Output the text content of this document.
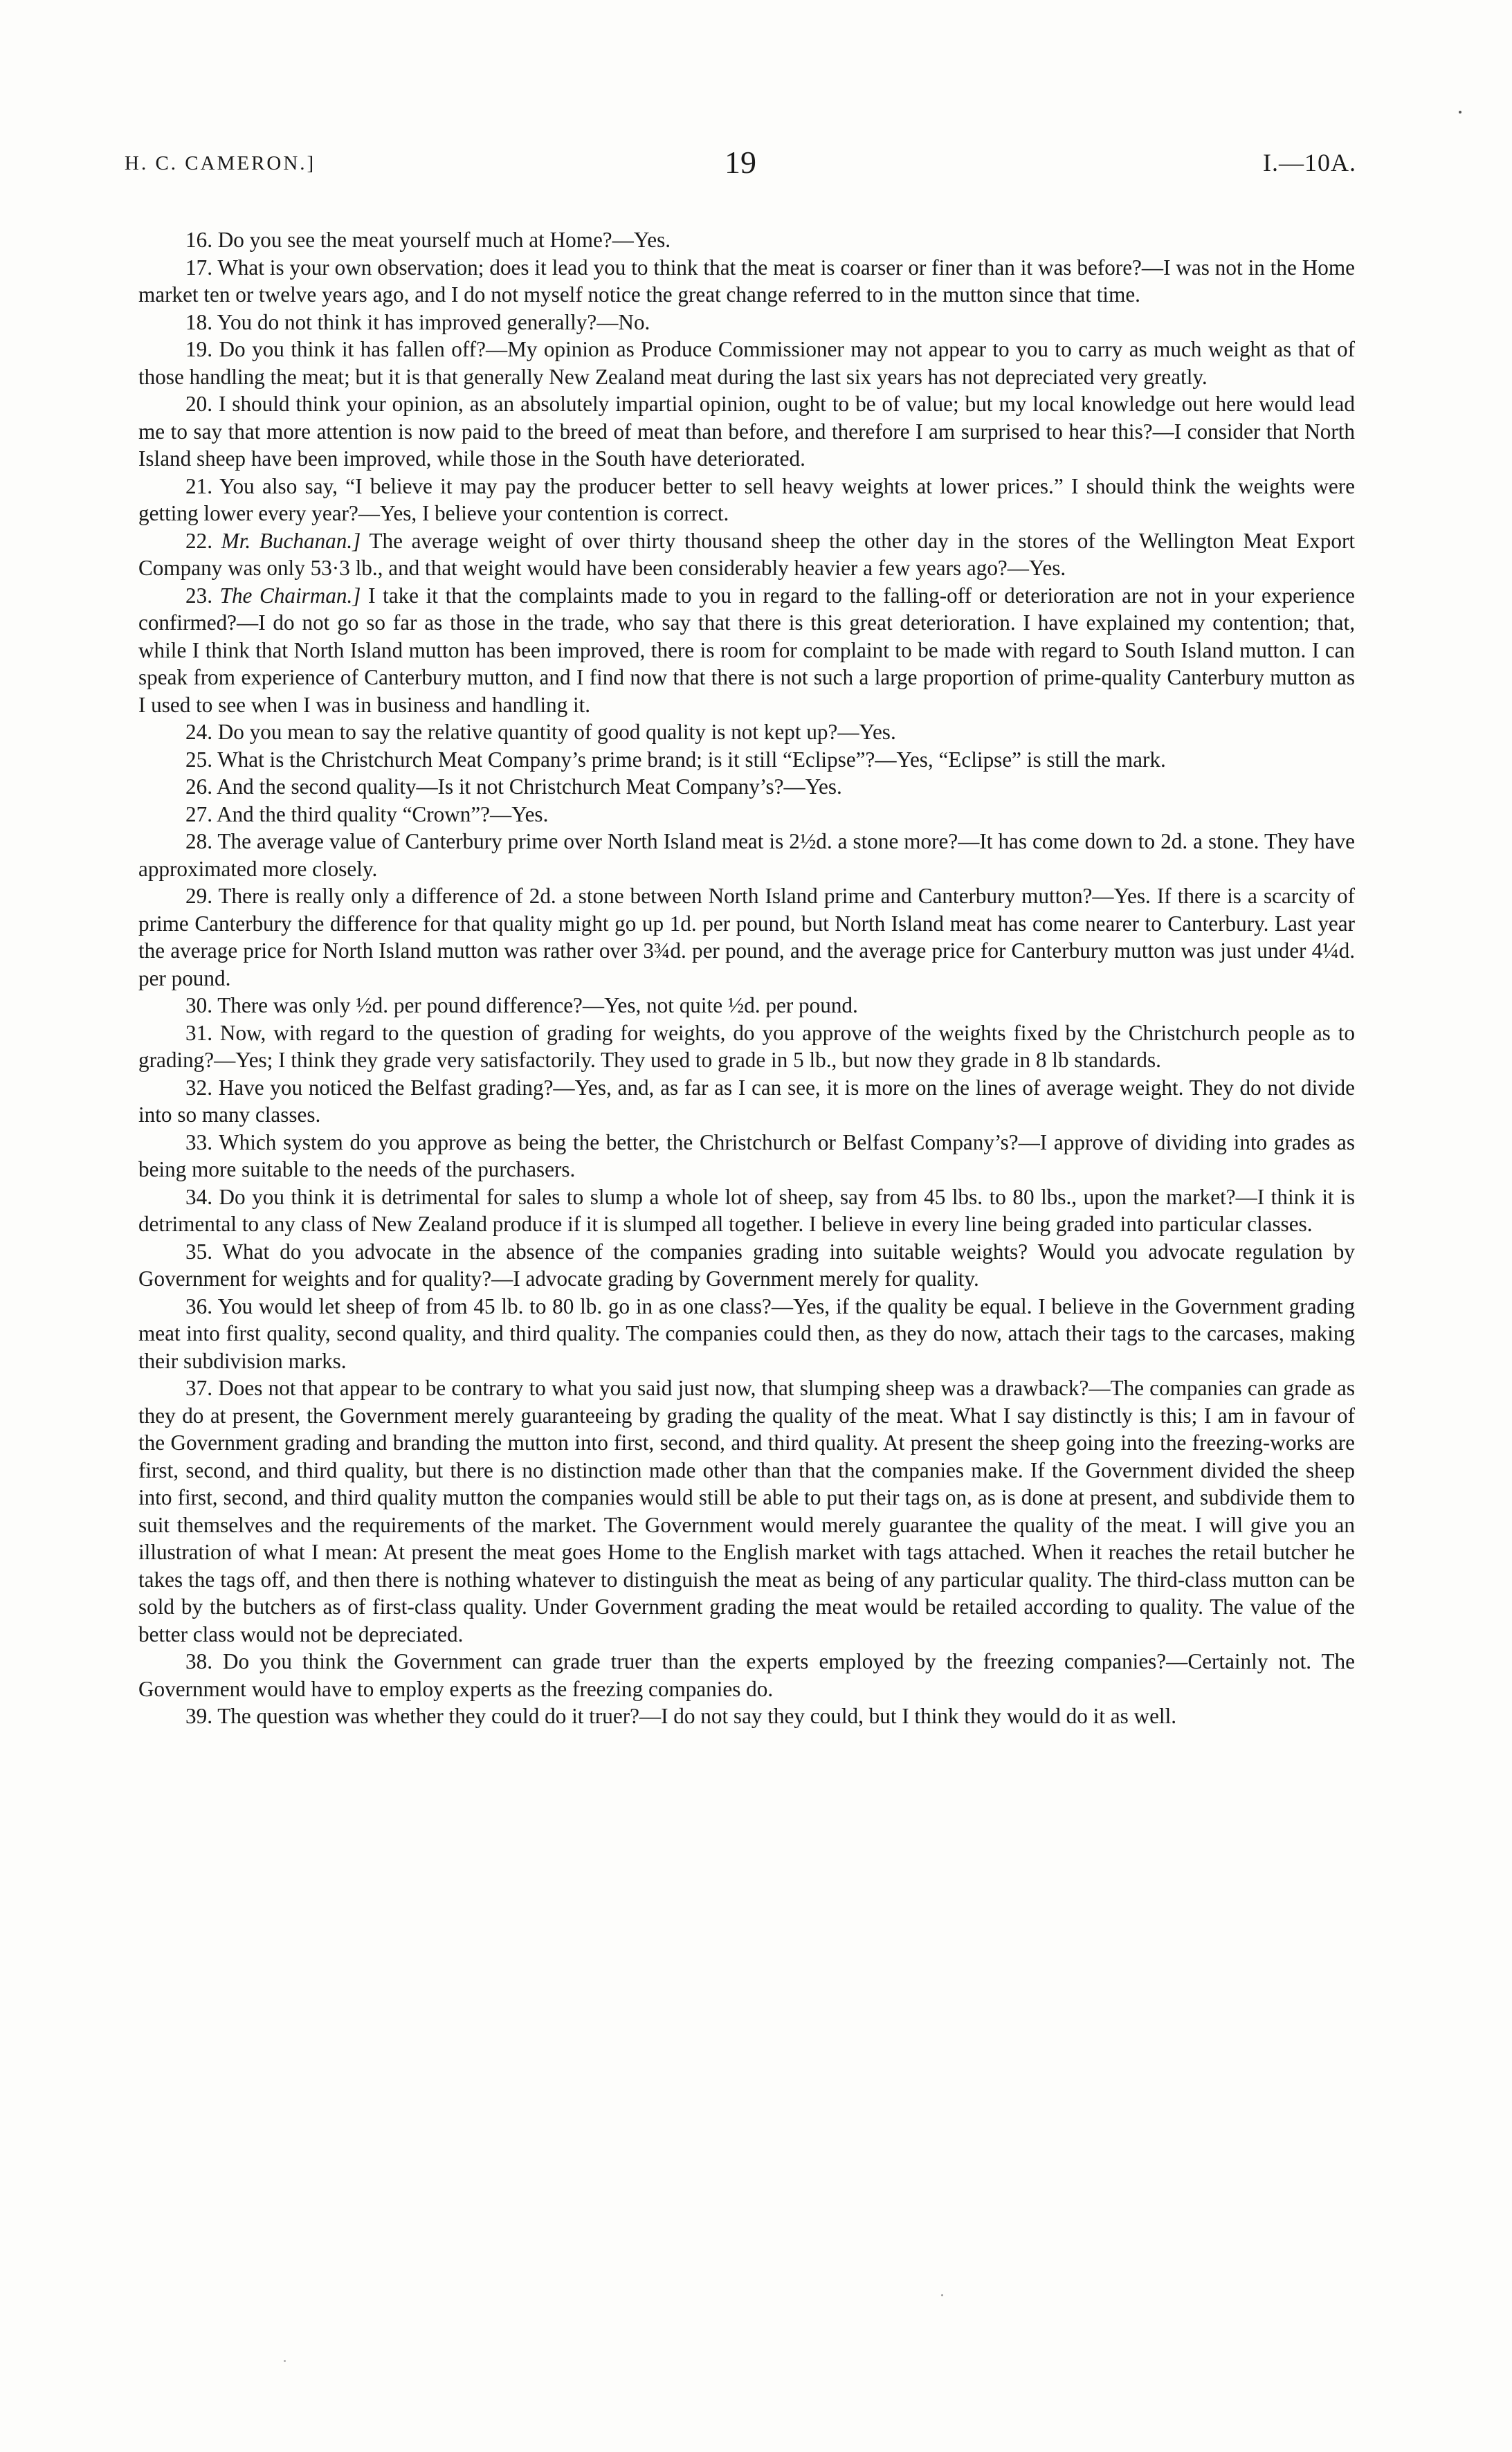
H. C. CAMERON.]	19	I.—10A.

16. Do you see the meat yourself much at Home?—Yes.

17. What is your own observation; does it lead you to think that the meat is coarser or finer than it was before?—I was not in the Home market ten or twelve years ago, and I do not myself notice the great change referred to in the mutton since that time.

18. You do not think it has improved generally?—No.

19. Do you think it has fallen off?—My opinion as Produce Commissioner may not appear to you to carry as much weight as that of those handling the meat; but it is that generally New Zealand meat during the last six years has not depreciated very greatly.

20. I should think your opinion, as an absolutely impartial opinion, ought to be of value; but my local knowledge out here would lead me to say that more attention is now paid to the breed of meat than before, and therefore I am surprised to hear this?—I consider that North Island sheep have been improved, while those in the South have deteriorated.

21. You also say, “I believe it may pay the producer better to sell heavy weights at lower prices.” I should think the weights were getting lower every year?—Yes, I believe your contention is correct.

22. Mr. Buchanan.] The average weight of over thirty thousand sheep the other day in the stores of the Wellington Meat Export Company was only 53·3 lb., and that weight would have been considerably heavier a few years ago?—Yes.

23. The Chairman.] I take it that the complaints made to you in regard to the falling-off or deterioration are not in your experience confirmed?—I do not go so far as those in the trade, who say that there is this great deterioration. I have explained my contention; that, while I think that North Island mutton has been improved, there is room for complaint to be made with regard to South Island mutton. I can speak from experience of Canterbury mutton, and I find now that there is not such a large proportion of prime-quality Canterbury mutton as I used to see when I was in business and handling it.

24. Do you mean to say the relative quantity of good quality is not kept up?—Yes.

25. What is the Christchurch Meat Company’s prime brand; is it still “Eclipse”?—Yes, “Eclipse” is still the mark.

26. And the second quality—Is it not Christchurch Meat Company’s?—Yes.

27. And the third quality “Crown”?—Yes.

28. The average value of Canterbury prime over North Island meat is 2½d. a stone more?—It has come down to 2d. a stone. They have approximated more closely.

29. There is really only a difference of 2d. a stone between North Island prime and Canterbury mutton?—Yes. If there is a scarcity of prime Canterbury the difference for that quality might go up 1d. per pound, but North Island meat has come nearer to Canterbury. Last year the average price for North Island mutton was rather over 3¾d. per pound, and the average price for Canterbury mutton was just under 4¼d. per pound.

30. There was only ½d. per pound difference?—Yes, not quite ½d. per pound.

31. Now, with regard to the question of grading for weights, do you approve of the weights fixed by the Christchurch people as to grading?—Yes; I think they grade very satisfactorily. They used to grade in 5 lb., but now they grade in 8 lb standards.

32. Have you noticed the Belfast grading?—Yes, and, as far as I can see, it is more on the lines of average weight. They do not divide into so many classes.

33. Which system do you approve as being the better, the Christchurch or Belfast Company’s?—I approve of dividing into grades as being more suitable to the needs of the purchasers.

34. Do you think it is detrimental for sales to slump a whole lot of sheep, say from 45 lbs. to 80 lbs., upon the market?—I think it is detrimental to any class of New Zealand produce if it is slumped all together. I believe in every line being graded into particular classes.

35. What do you advocate in the absence of the companies grading into suitable weights? Would you advocate regulation by Government for weights and for quality?—I advocate grading by Government merely for quality.

36. You would let sheep of from 45 lb. to 80 lb. go in as one class?—Yes, if the quality be equal. I believe in the Government grading meat into first quality, second quality, and third quality. The companies could then, as they do now, attach their tags to the carcases, making their subdivision marks.

37. Does not that appear to be contrary to what you said just now, that slumping sheep was a drawback?—The companies can grade as they do at present, the Government merely guaranteeing by grading the quality of the meat. What I say distinctly is this; I am in favour of the Government grading and branding the mutton into first, second, and third quality. At present the sheep going into the freezing-works are first, second, and third quality, but there is no distinction made other than that the companies make. If the Government divided the sheep into first, second, and third quality mutton the companies would still be able to put their tags on, as is done at present, and subdivide them to suit themselves and the requirements of the market. The Government would merely guarantee the quality of the meat. I will give you an illustration of what I mean: At present the meat goes Home to the English market with tags attached. When it reaches the retail butcher he takes the tags off, and then there is nothing whatever to distinguish the meat as being of any particular quality. The third-class mutton can be sold by the butchers as of first-class quality. Under Government grading the meat would be retailed according to quality. The value of the better class would not be depreciated.

38. Do you think the Government can grade truer than the experts employed by the freezing companies?—Certainly not. The Government would have to employ experts as the freezing companies do.

39. The question was whether they could do it truer?—I do not say they could, but I think they would do it as well.
